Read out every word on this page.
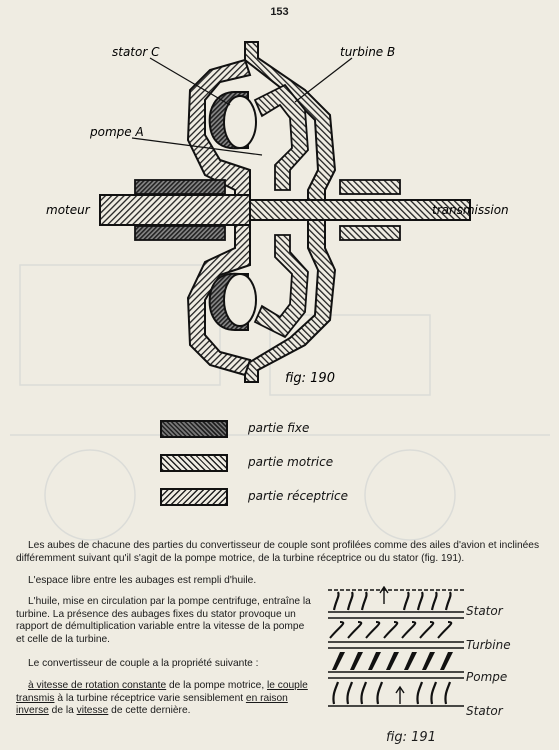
153
stator C	turbine B
pompe A
moteur	transmission
fig: 190
partie fixe
partie motrice
partie réceptrice
Les aubes de chacune des parties du convertisseur de couple sont profilées comme des ailes d'avion et inclinées différemment suivant qu'il s'agit de la pompe motrice, de la turbine réceptrice ou du stator (fig. 191).
L'espace libre entre les aubages est rempli d'huile.
L'huile, mise en circulation par la pompe centrifuge, entraîne la turbine. La présence des aubages fixes du stator provoque un rapport de démultiplication variable entre la vitesse de la pompe et celle de la turbine.
Le convertisseur de couple a la propriété suivante :
à vitesse de rotation constante de la pompe motrice, le couple transmis à la turbine réceptrice varie sensiblement en raison inverse de la vitesse de cette dernière.
Stator
Turbine
Pompe
Stator
fig: 191
